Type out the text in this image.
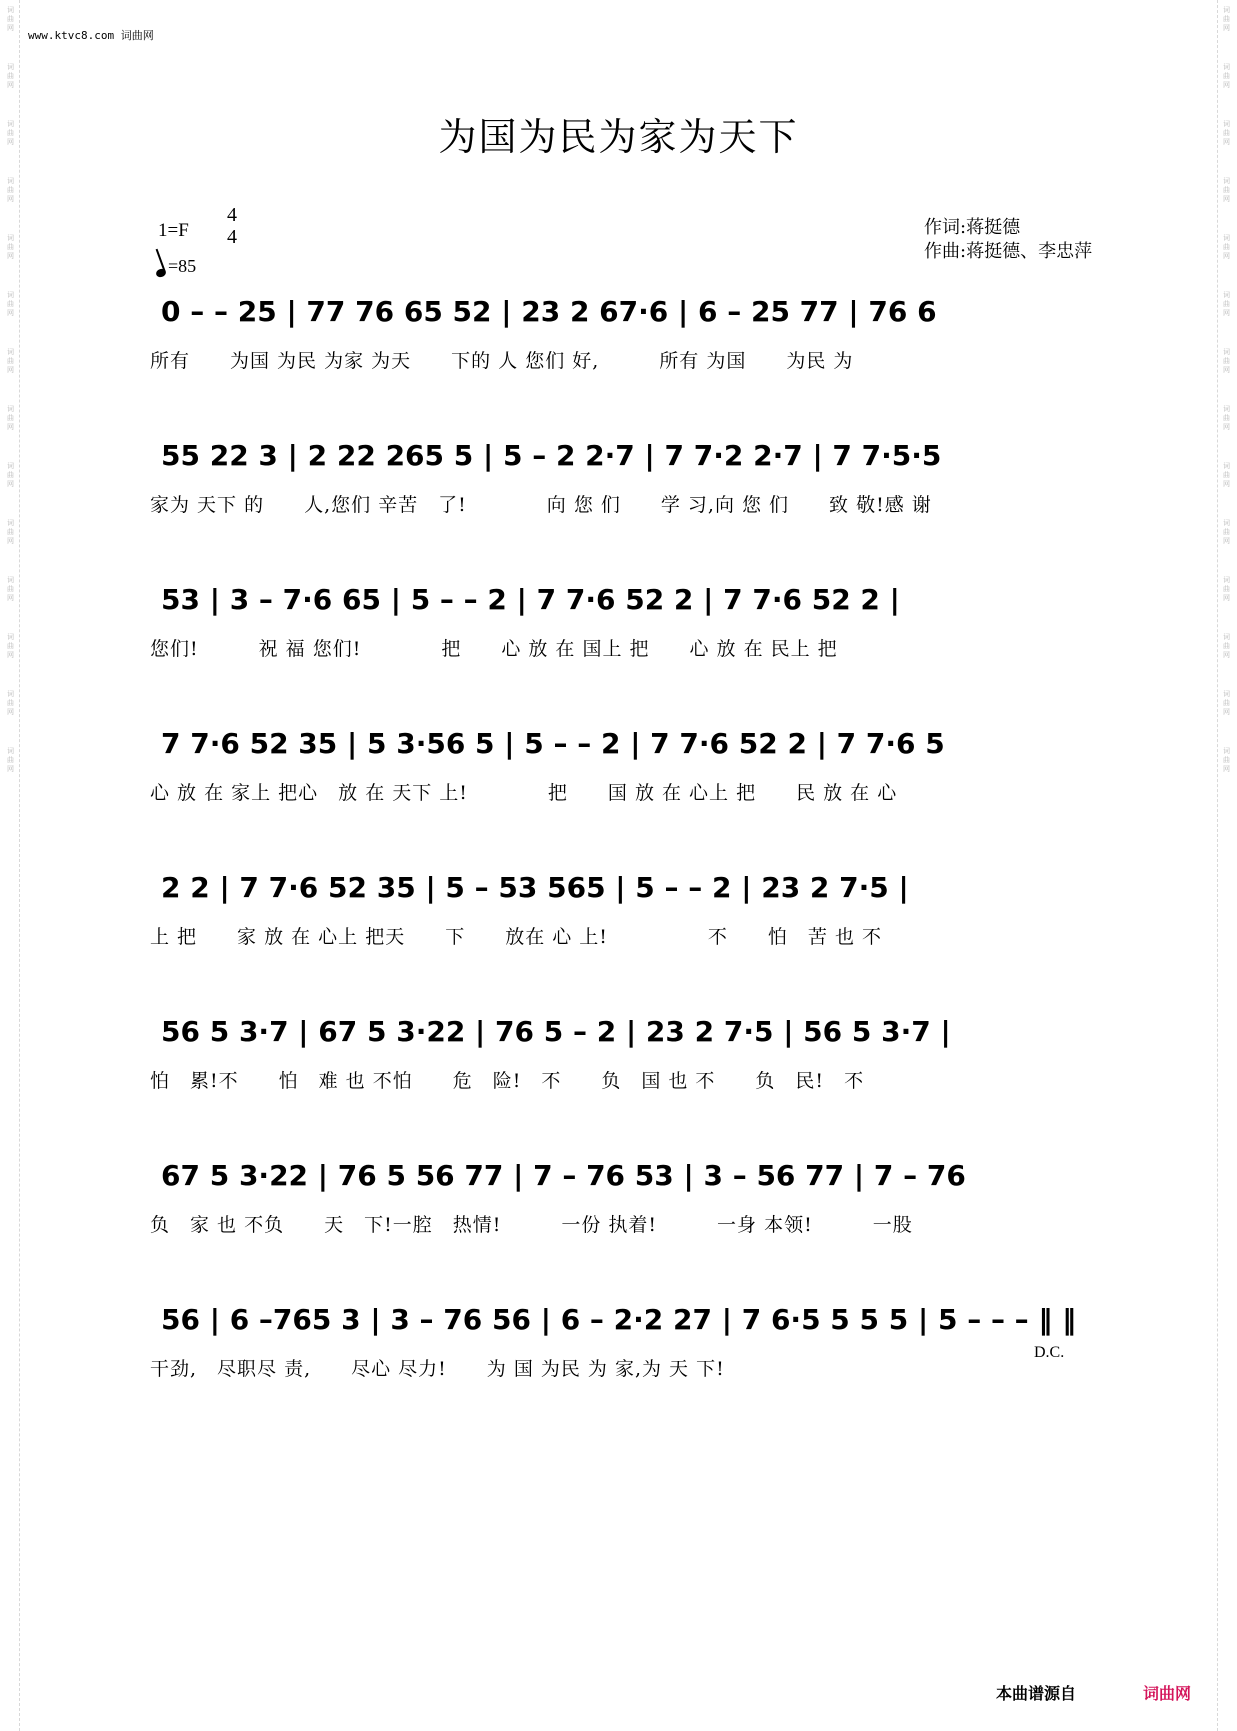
词曲网
词曲网
词曲网
词曲网
词曲网
词曲网
词曲网
词曲网
词曲网
词曲网
词曲网
词曲网
词曲网
词曲网
词曲网
词曲网
词曲网
词曲网
词曲网
词曲网
词曲网
词曲网
词曲网
词曲网
词曲网
词曲网
词曲网
词曲网
www.ktvc8.com 词曲网
为国为民为家为天下
1=F
4
4
=85
作词:蒋挺德
作曲:蒋挺德、李忠萍
0 – – 25 | 77 76 65 52 | 23 2 67·6 | 6 – 25 77 | 76 6
所有　　为国 为民 为家 为天　　下的 人 您们 好,　　　所有 为国　　为民 为
55 22 3 | 2 22 265 5 | 5 – 2 2·7 | 7 7·2 2·7 | 7 7·5·5
家为 天下 的　　人,您们 辛苦　了!　　　　向 您 们　　学 习,向 您 们　　致 敬!感 谢
53 | 3 – 7·6 65 | 5 – – 2 | 7 7·6 52 2 | 7 7·6 52 2 |
您们!　　　祝 福 您们!　　　　把　　心 放 在 国上 把　　心 放 在 民上 把
7 7·6 52 35 | 5 3·56 5 | 5 – – 2 | 7 7·6 52 2 | 7 7·6 5
心 放 在 家上 把心　放 在 天下 上!　　　　把　　国 放 在 心上 把　　民 放 在 心
2 2 | 7 7·6 52 35 | 5 – 53 565 | 5 – – 2 | 23 2 7·5 |
上 把　　家 放 在 心上 把天　　下　　放在 心 上!　　　　　不　　怕　苦 也 不
56 5 3·7 | 67 5 3·22 | 76 5 – 2 | 23 2 7·5 | 56 5 3·7 |
怕　累!不　　怕　难 也 不怕　　危　险!　不　　负　国 也 不　　负　民!　不
67 5 3·22 | 76 5 56 77 | 7 – 76 53 | 3 – 56 77 | 7 – 76
负　家 也 不负　　天　下!一腔　热情!　　　一份 执着!　　　一身 本领!　　　一股
56 | 6 –765 3 | 3 – 76 56 | 6 – 2·2 27 | 7 6·5 5 5 5 | 5 – – – ‖ ‖
干劲,　尽职尽 责,　　尽心 尽力!　　为 国 为民 为 家,为 天 下!
D.C.
本曲谱源自	词曲网
